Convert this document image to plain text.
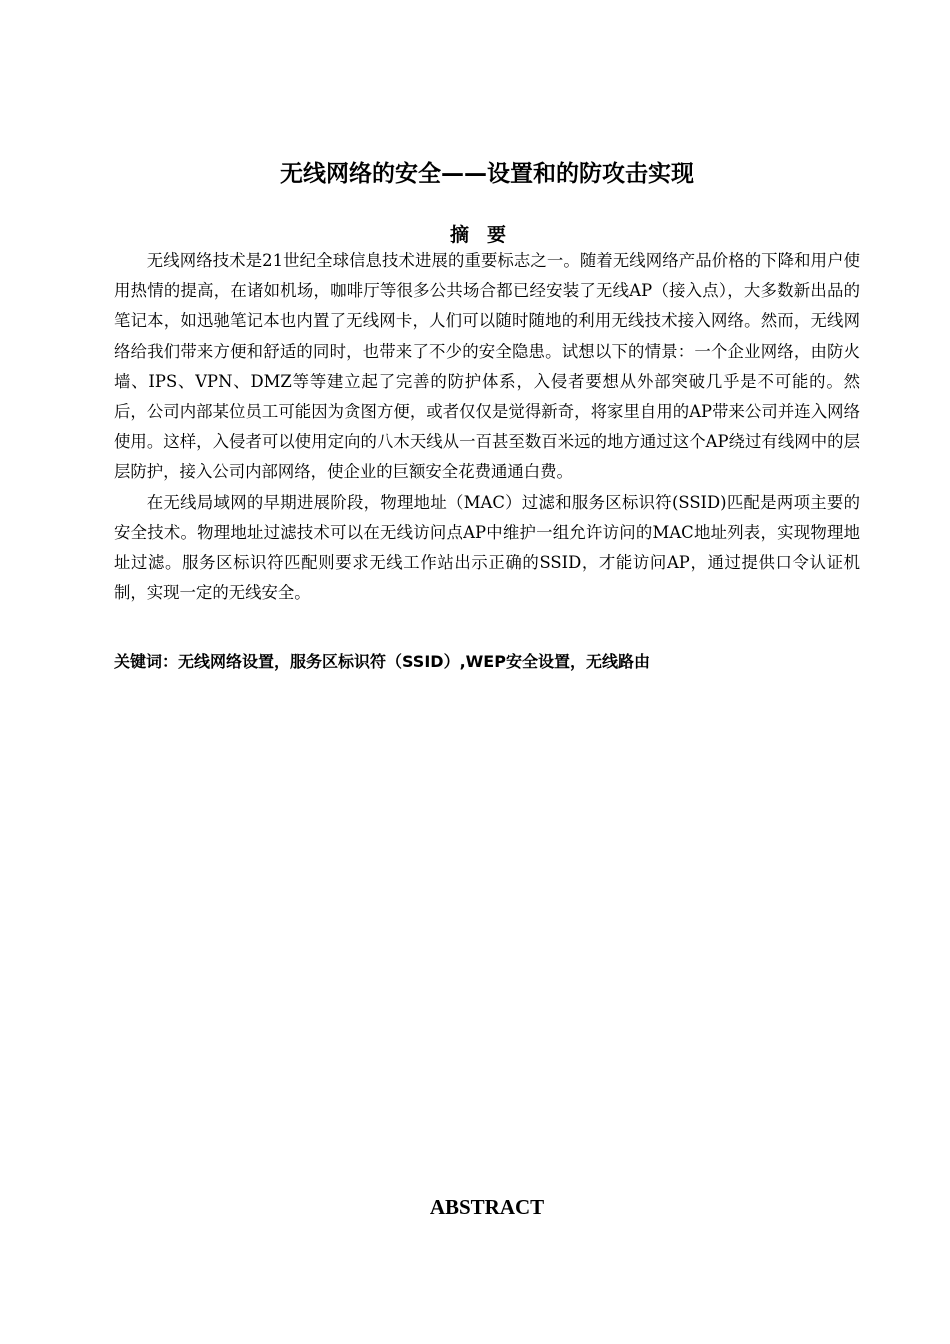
无线网络的安全——设置和的防攻击实现
摘要

无线网络技术是21世纪全球信息技术进展的重要标志之一。随着无线网络产品价格的下降和用户使用热情的提高，在诸如机场，咖啡厅等很多公共场合都已经安装了无线AP（接入点），大多数新出品的笔记本，如迅驰笔记本也内置了无线网卡，人们可以随时随地的利用无线技术接入网络。然而，无线网络给我们带来方便和舒适的同时，也带来了不少的安全隐患。试想以下的情景：一个企业网络，由防火墙、IPS、VPN、DMZ等等建立起了完善的防护体系，入侵者要想从外部突破几乎是不可能的。然后，公司内部某位员工可能因为贪图方便，或者仅仅是觉得新奇，将家里自用的AP带来公司并连入网络使用。这样，入侵者可以使用定向的八木天线从一百甚至数百米远的地方通过这个AP绕过有线网中的层层防护，接入公司内部网络，使企业的巨额安全花费通通白费。

在无线局域网的早期进展阶段，物理地址（MAC）过滤和服务区标识符(SSID)匹配是两项主要的安全技术。物理地址过滤技术可以在无线访问点AP中维护一组允许访问的MAC地址列表，实现物理地址过滤。服务区标识符匹配则要求无线工作站出示正确的SSID，才能访问AP，通过提供口令认证机制，实现一定的无线安全。

关键词：无线网络设置，服务区标识符（SSID）,WEP安全设置，无线路由
ABSTRACT
